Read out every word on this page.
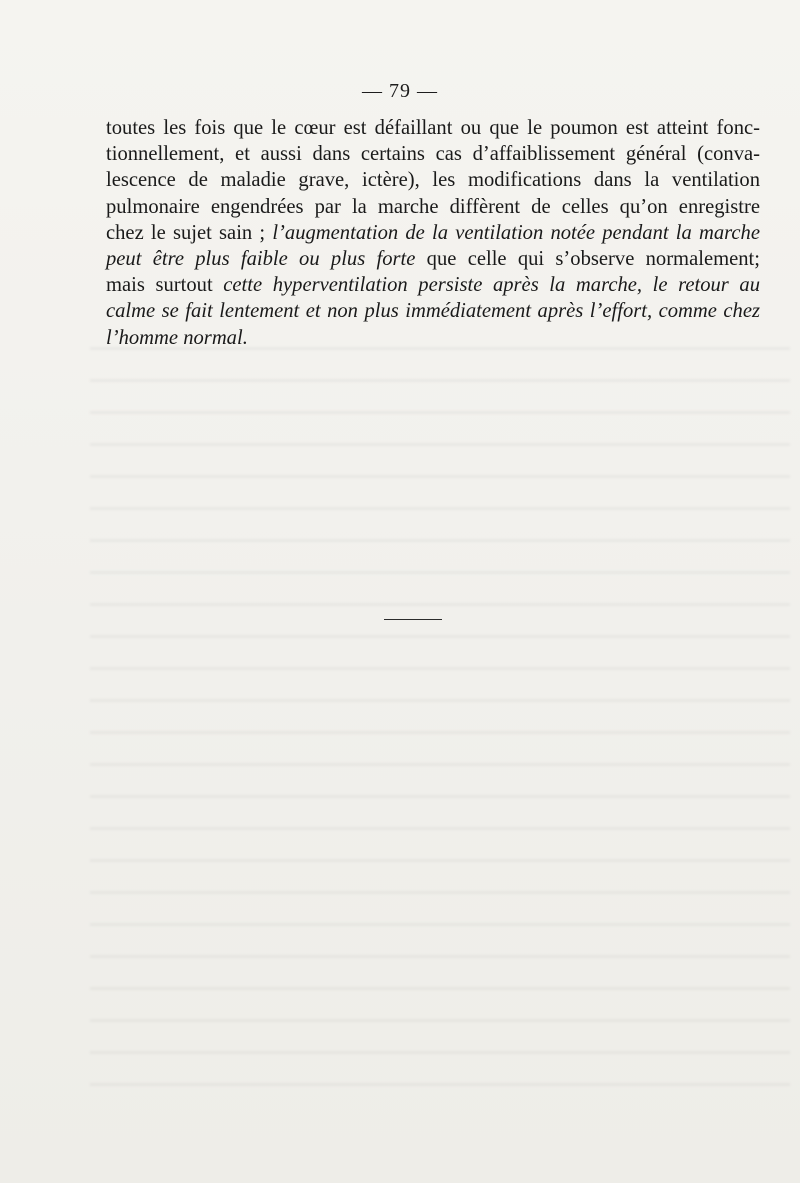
— 79 —
toutes les fois que le cœur est défaillant ou que le poumon est atteint fonc-
tionnellement, et aussi dans certains cas d’affaiblissement général (conva-
lescence de maladie grave, ictère), les modifications dans la ventilation
pulmonaire engendrées par la marche diffèrent de celles qu’on enregistre
chez le sujet sain ; l’augmentation de la ventilation notée pendant la marche
peut être plus faible ou plus forte que celle qui s’observe normalement;
mais surtout cette hyperventilation persiste après la marche, le retour au
calme se fait lentement et non plus immédiatement après l’effort, comme chez
l’homme normal.
